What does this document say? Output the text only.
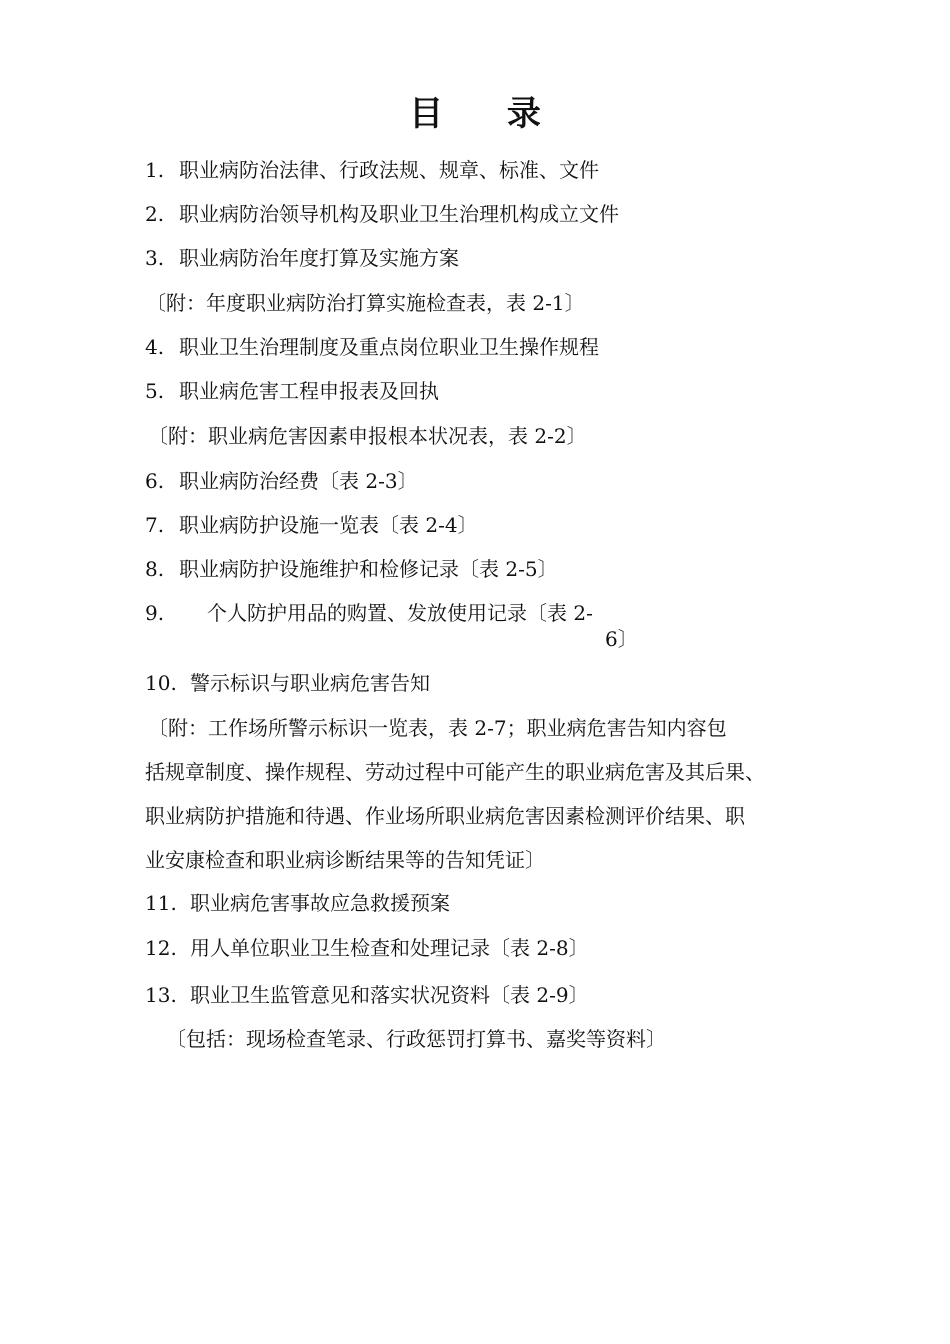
目 录
1. 职业病防治法律、行政法规、规章、标准、文件
2. 职业病防治领导机构及职业卫生治理机构成立文件
3. 职业病防治年度打算及实施方案
〔附：年度职业病防治打算实施检查表，表 2-1〕
4. 职业卫生治理制度及重点岗位职业卫生操作规程
5. 职业病危害工程申报表及回执
〔附：职业病危害因素申报根本状况表，表 2-2〕
6. 职业病防治经费〔表 2-3〕
7. 职业病防护设施一览表〔表 2-4〕
8. 职业病防护设施维护和检修记录〔表 2-5〕
9. 个人防护用品的购置、发放使用记录〔表 2-
6〕
10. 警示标识与职业病危害告知
〔附：工作场所警示标识一览表，表 2-7；职业病危害告知内容包
括规章制度、操作规程、劳动过程中可能产生的职业病危害及其后果、
职业病防护措施和待遇、作业场所职业病危害因素检测评价结果、职
业安康检查和职业病诊断结果等的告知凭证〕
11. 职业病危害事故应急救援预案
12. 用人单位职业卫生检查和处理记录〔表 2-8〕
13. 职业卫生监管意见和落实状况资料〔表 2-9〕
〔包括：现场检查笔录、行政惩罚打算书、嘉奖等资料〕
